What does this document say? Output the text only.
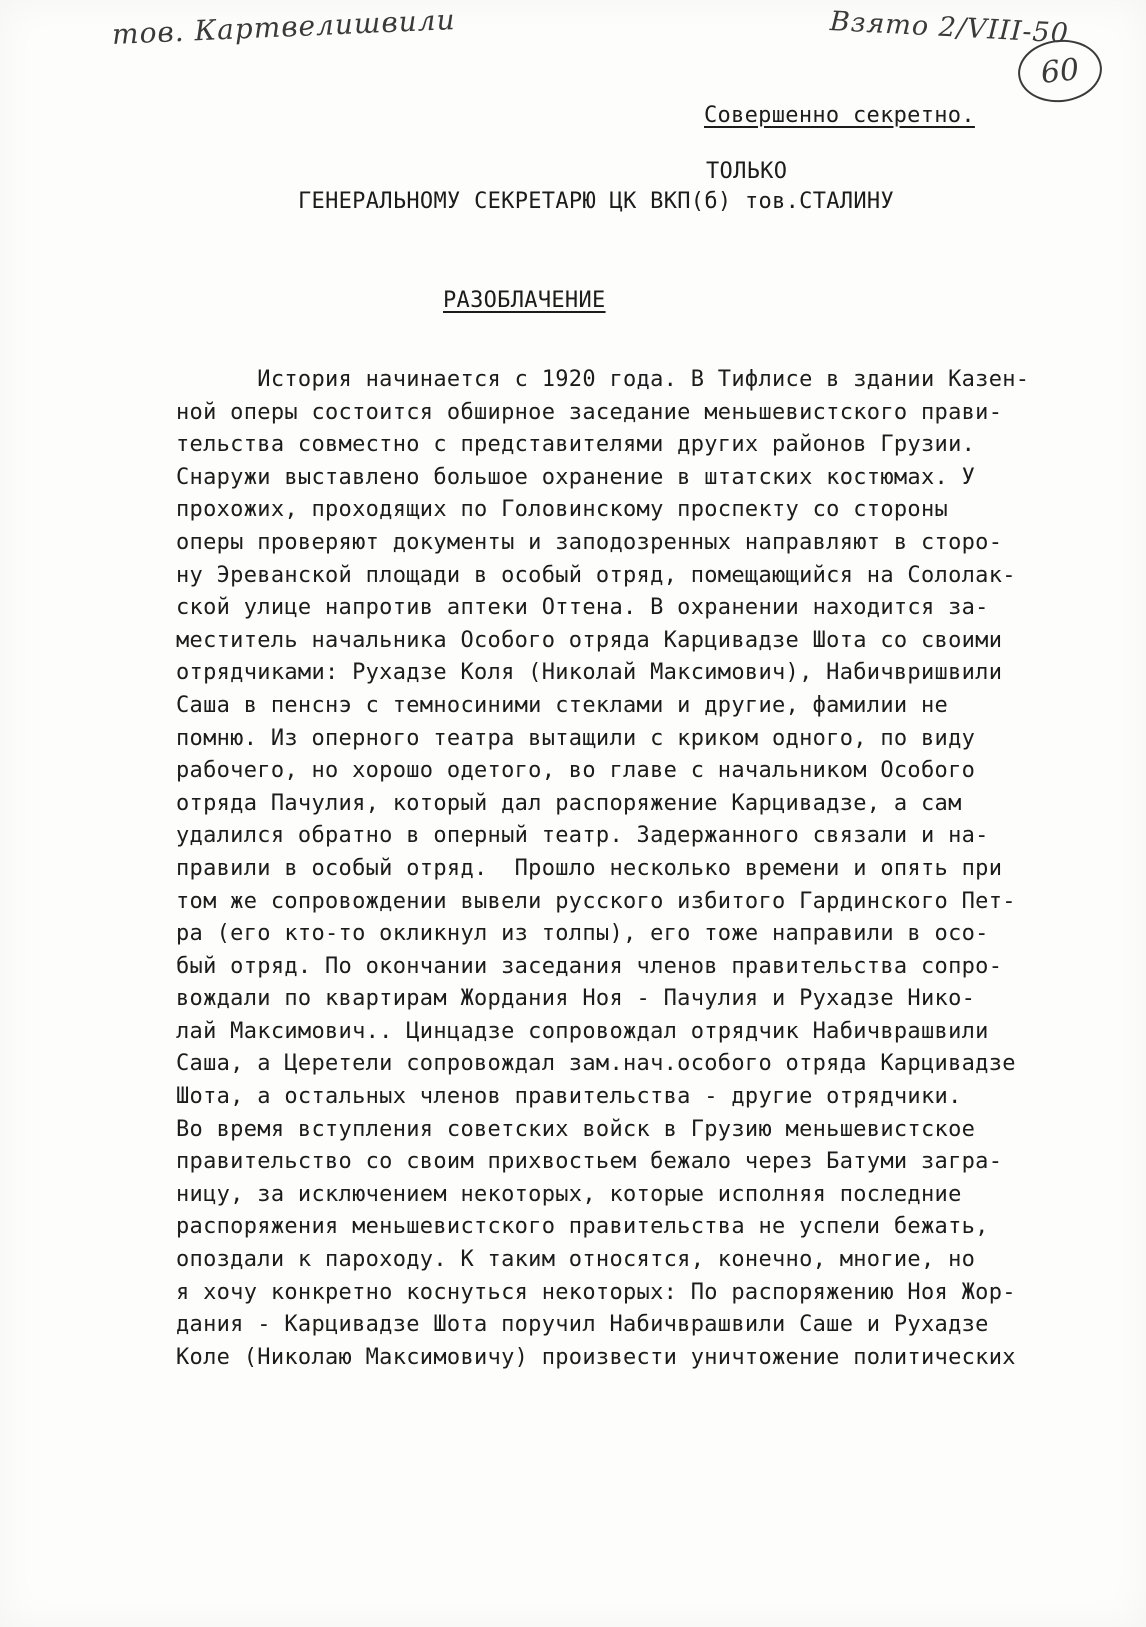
тов. Картвелишвили	Взято 2/VIII-50
60
Совершенно секретно.
ТОЛЬКО
ГЕНЕРАЛЬНОМУ СЕКРЕТАРЮ ЦК ВКП(б) тов.СТАЛИНУ
РАЗОБЛАЧЕНИЕ
История начинается с 1920 года. В Тифлисе в здании Казен-
ной оперы состоится обширное заседание меньшевистского прави-
тельства совместно с представителями других районов Грузии.
Снаружи выставлено большое охранение в штатских костюмах. У
прохожих, проходящих по Головинскому проспекту со стороны
оперы проверяют документы и заподозренных направляют в сторо-
ну Эреванской площади в особый отряд, помещающийся на Сололак-
ской улице напротив аптеки Оттена. В охранении находится за-
меститель начальника Особого отряда Карцивадзе Шота со своими
отрядчиками: Рухадзе Коля (Николай Максимович), Набичвришвили
Саша в пенснэ с темносиними стеклами и другие, фамилии не
помню. Из оперного театра вытащили с криком одного, по виду
рабочего, но хорошо одетого, во главе с начальником Особого
отряда Пачулия, который дал распоряжение Карцивадзе, а сам
удалился обратно в оперный театр. Задержанного связали и на-
правили в особый отряд.  Прошло несколько времени и опять при
том же сопровождении вывели русского избитого Гардинского Пет-
ра (его кто-то окликнул из толпы), его тоже направили в осо-
бый отряд. По окончании заседания членов правительства сопро-
вождали по квартирам Жордания Ноя - Пачулия и Рухадзе Нико-
лай Максимович.. Цинцадзе сопровождал отрядчик Набичврашвили
Саша, а Церетели сопровождал зам.нач.особого отряда Карцивадзе
Шота, а остальных членов правительства - другие отрядчики.
Во время вступления советских войск в Грузию меньшевистское
правительство со своим прихвостьем бежало через Батуми загра-
ницу, за исключением некоторых, которые исполняя последние
распоряжения меньшевистского правительства не успели бежать,
опоздали к пароходу. К таким относятся, конечно, многие, но
я хочу конкретно коснуться некоторых: По распоряжению Ноя Жор-
дания - Карцивадзе Шота поручил Набичврашвили Саше и Рухадзе
Коле (Николаю Максимовичу) произвести уничтожение политических
